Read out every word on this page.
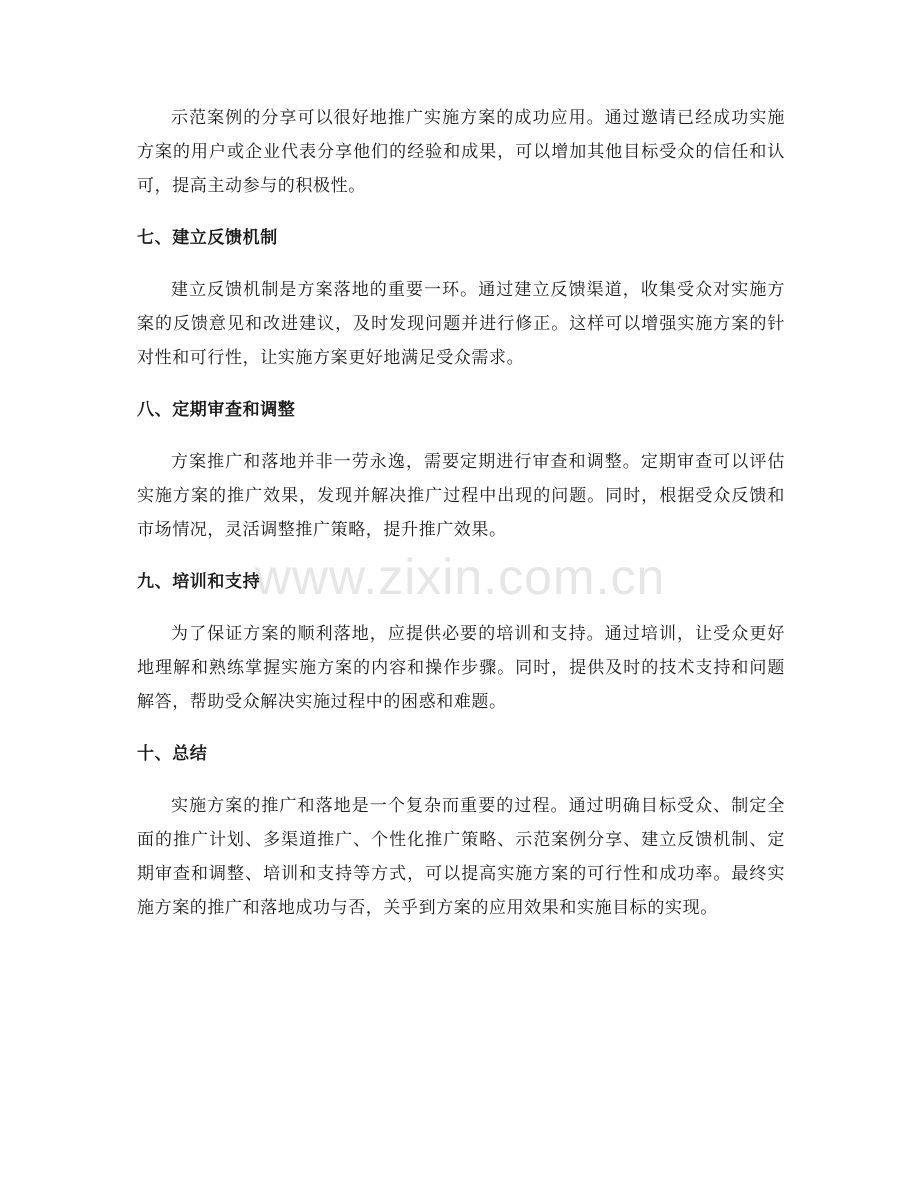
www.zixin.com.cn

示范案例的分享可以很好地推广实施方案的成功应用。通过邀请已经成功实施方案的用户或企业代表分享他们的经验和成果，可以增加其他目标受众的信任和认可，提高主动参与的积极性。

七、建立反馈机制

建立反馈机制是方案落地的重要一环。通过建立反馈渠道，收集受众对实施方案的反馈意见和改进建议，及时发现问题并进行修正。这样可以增强实施方案的针对性和可行性，让实施方案更好地满足受众需求。

八、定期审查和调整

方案推广和落地并非一劳永逸，需要定期进行审查和调整。定期审查可以评估实施方案的推广效果，发现并解决推广过程中出现的问题。同时，根据受众反馈和市场情况，灵活调整推广策略，提升推广效果。

九、培训和支持

为了保证方案的顺利落地，应提供必要的培训和支持。通过培训，让受众更好地理解和熟练掌握实施方案的内容和操作步骤。同时，提供及时的技术支持和问题解答，帮助受众解决实施过程中的困惑和难题。

十、总结

实施方案的推广和落地是一个复杂而重要的过程。通过明确目标受众、制定全面的推广计划、多渠道推广、个性化推广策略、示范案例分享、建立反馈机制、定期审查和调整、培训和支持等方式，可以提高实施方案的可行性和成功率。最终实施方案的推广和落地成功与否，关乎到方案的应用效果和实施目标的实现。
